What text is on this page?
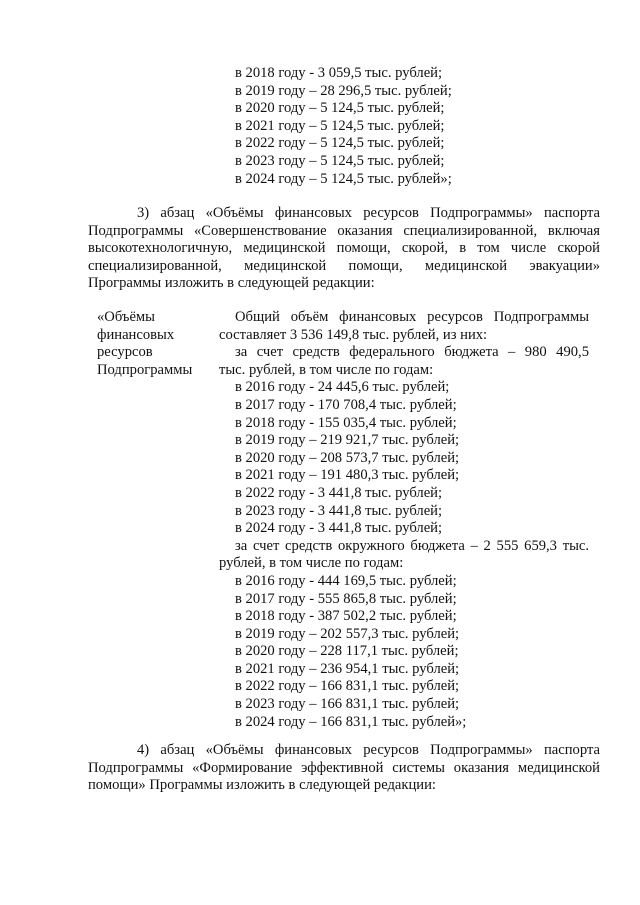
в 2018 году - 3 059,5 тыс. рублей;
в 2019 году – 28 296,5 тыс. рублей;
в 2020 году – 5 124,5 тыс. рублей;
в 2021 году – 5 124,5 тыс. рублей;
в 2022 году – 5 124,5 тыс. рублей;
в 2023 году – 5 124,5 тыс. рублей;
в 2024 году – 5 124,5 тыс. рублей»;
3) абзац «Объёмы финансовых ресурсов Подпрограммы» паспорта Подпрограммы «Совершенствование оказания специализированной, включая высокотехнологичную, медицинской помощи, скорой, в том числе скорой специализированной, медицинской помощи, медицинской эвакуации» Программы изложить в следующей редакции:
«Объёмы
финансовых
ресурсов
Подпрограммы
Общий объём финансовых ресурсов Подпрограммы
составляет 3 536 149,8 тыс. рублей, из них:
за счет средств федерального бюджета – 980 490,5
тыс. рублей, в том числе по годам:
в 2016 году - 24 445,6 тыс. рублей;
в 2017 году - 170 708,4 тыс. рублей;
в 2018 году - 155 035,4 тыс. рублей;
в 2019 году – 219 921,7 тыс. рублей;
в 2020 году – 208 573,7 тыс. рублей;
в 2021 году – 191 480,3 тыс. рублей;
в 2022 году - 3 441,8 тыс. рублей;
в 2023 году - 3 441,8 тыс. рублей;
в 2024 году - 3 441,8 тыс. рублей;
за счет средств окружного бюджета – 2 555 659,3 тыс.
рублей, в том числе по годам:
в 2016 году - 444 169,5 тыс. рублей;
в 2017 году - 555 865,8 тыс. рублей;
в 2018 году - 387 502,2 тыс. рублей;
в 2019 году – 202 557,3 тыс. рублей;
в 2020 году – 228 117,1 тыс. рублей;
в 2021 году – 236 954,1 тыс. рублей;
в 2022 году – 166 831,1 тыс. рублей;
в 2023 году – 166 831,1 тыс. рублей;
в 2024 году – 166 831,1 тыс. рублей»;
4) абзац «Объёмы финансовых ресурсов Подпрограммы» паспорта Подпрограммы «Формирование эффективной системы оказания медицинской помощи» Программы изложить в следующей редакции:
